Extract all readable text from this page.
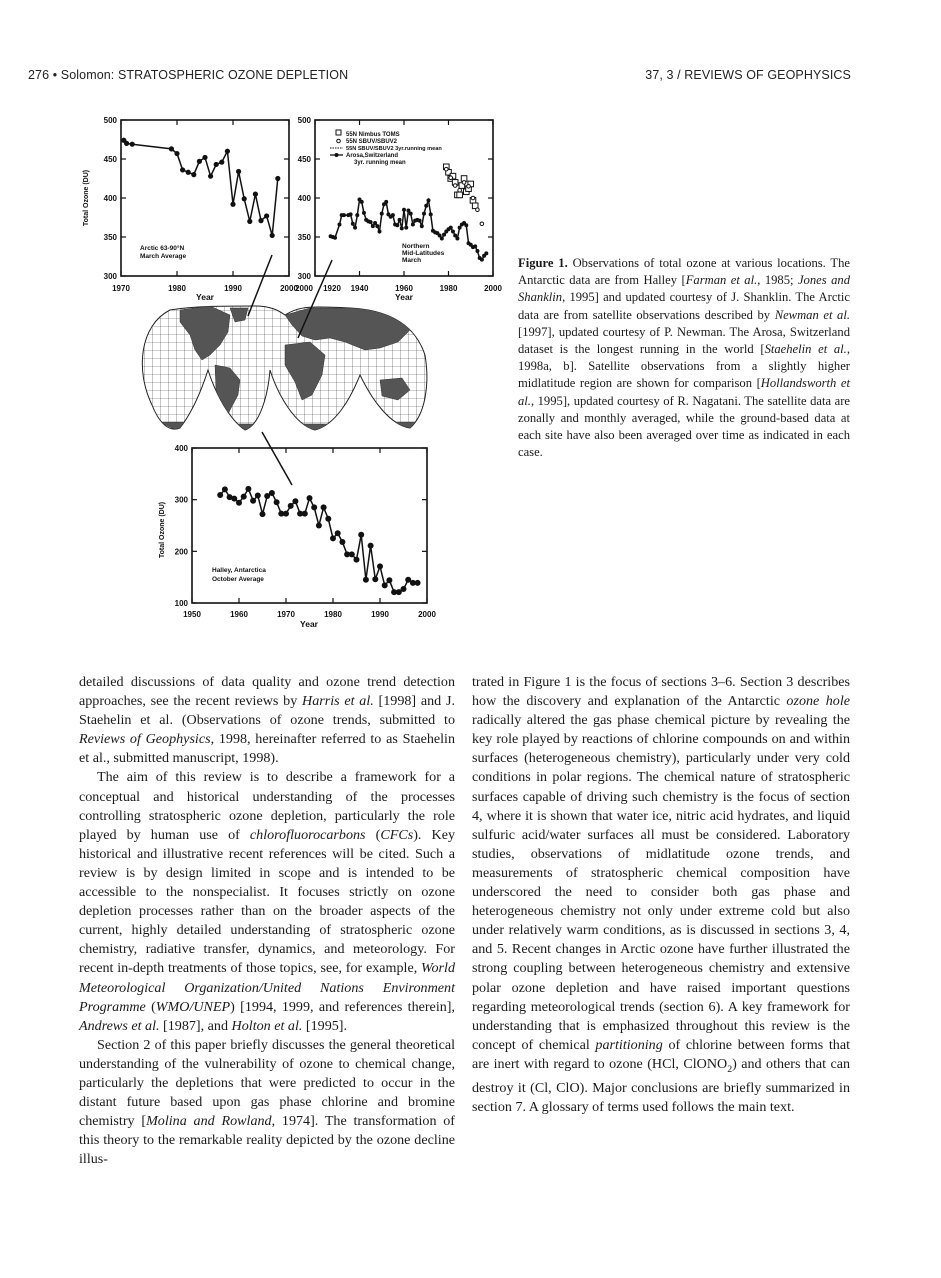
276 • Solomon: STRATOSPHERIC OZONE DEPLETION	37, 3 / REVIEWS OF GEOPHYSICS
500
450
400
350
300
1970	1980	1990	2000
Year
Total Ozone (DU)
Arctic 63-90°N
March Average
500
450
400
350
300
1940	1960	1980	2000
2000 1920
Year
55N Nimbus TOMS
55N SBUV/SBUV2
55N SBUV/SBUV2 3yr.running mean
Arosa,Switzerland
3yr. running mean
Northern
Mid-Latitudes
March
400
300
200
100
1950	1960	1970	1980	1990	2000
Year
Total Ozone (DU)
Halley, Antarctica
October Average
Figure 1. Observations of total ozone at various locations. The Antarctic data are from Halley [Farman et al., 1985; Jones and Shanklin, 1995] and updated courtesy of J. Shanklin. The Arctic data are from satellite observations described by Newman et al. [1997], updated courtesy of P. Newman. The Arosa, Switzerland dataset is the longest running in the world [Staehelin et al., 1998a, b]. Satellite observations from a slightly higher midlatitude region are shown for comparison [Hollandsworth et al., 1995], updated courtesy of R. Nagatani. The satellite data are zonally and monthly averaged, while the ground-based data at each site have also been averaged over time as indicated in each case.

detailed discussions of data quality and ozone trend detection approaches, see the recent reviews by Harris et al. [1998] and J. Staehelin et al. (Observations of ozone trends, submitted to Reviews of Geophysics, 1998, hereinafter referred to as Staehelin et al., submitted manuscript, 1998).

The aim of this review is to describe a framework for a conceptual and historical understanding of the processes controlling stratospheric ozone depletion, particularly the role played by human use of chlorofluorocarbons (CFCs). Key historical and illustrative recent references will be cited. Such a review is by design limited in scope and is intended to be accessible to the nonspecialist. It focuses strictly on ozone depletion processes rather than on the broader aspects of the current, highly detailed understanding of stratospheric ozone chemistry, radiative transfer, dynamics, and meteorology. For recent in-depth treatments of those topics, see, for example, World Meteorological Organization/United Nations Environment Programme (WMO/UNEP) [1994, 1999, and references therein], Andrews et al. [1987], and Holton et al. [1995].

Section 2 of this paper briefly discusses the general theoretical understanding of the vulnerability of ozone to chemical change, particularly the depletions that were predicted to occur in the distant future based upon gas phase chlorine and bromine chemistry [Molina and Rowland, 1974]. The transformation of this theory to the remarkable reality depicted by the ozone decline illus-

trated in Figure 1 is the focus of sections 3–6. Section 3 describes how the discovery and explanation of the Antarctic ozone hole radically altered the gas phase chemical picture by revealing the key role played by reactions of chlorine compounds on and within surfaces (heterogeneous chemistry), particularly under very cold conditions in polar regions. The chemical nature of stratospheric surfaces capable of driving such chemistry is the focus of section 4, where it is shown that water ice, nitric acid hydrates, and liquid sulfuric acid/water surfaces all must be considered. Laboratory studies, observations of midlatitude ozone trends, and measurements of stratospheric chemical composition have underscored the need to consider both gas phase and heterogeneous chemistry not only under extreme cold but also under relatively warm conditions, as is discussed in sections 3, 4, and 5. Recent changes in Arctic ozone have further illustrated the strong coupling between heterogeneous chemistry and extensive polar ozone depletion and have raised important questions regarding meteorological trends (section 6). A key framework for understanding that is emphasized throughout this review is the concept of chemical partitioning of chlorine between forms that are inert with regard to ozone (HCl, ClONO$_2$) and others that can destroy it (Cl, ClO). Major conclusions are briefly summarized in section 7. A glossary of terms used follows the main text.
